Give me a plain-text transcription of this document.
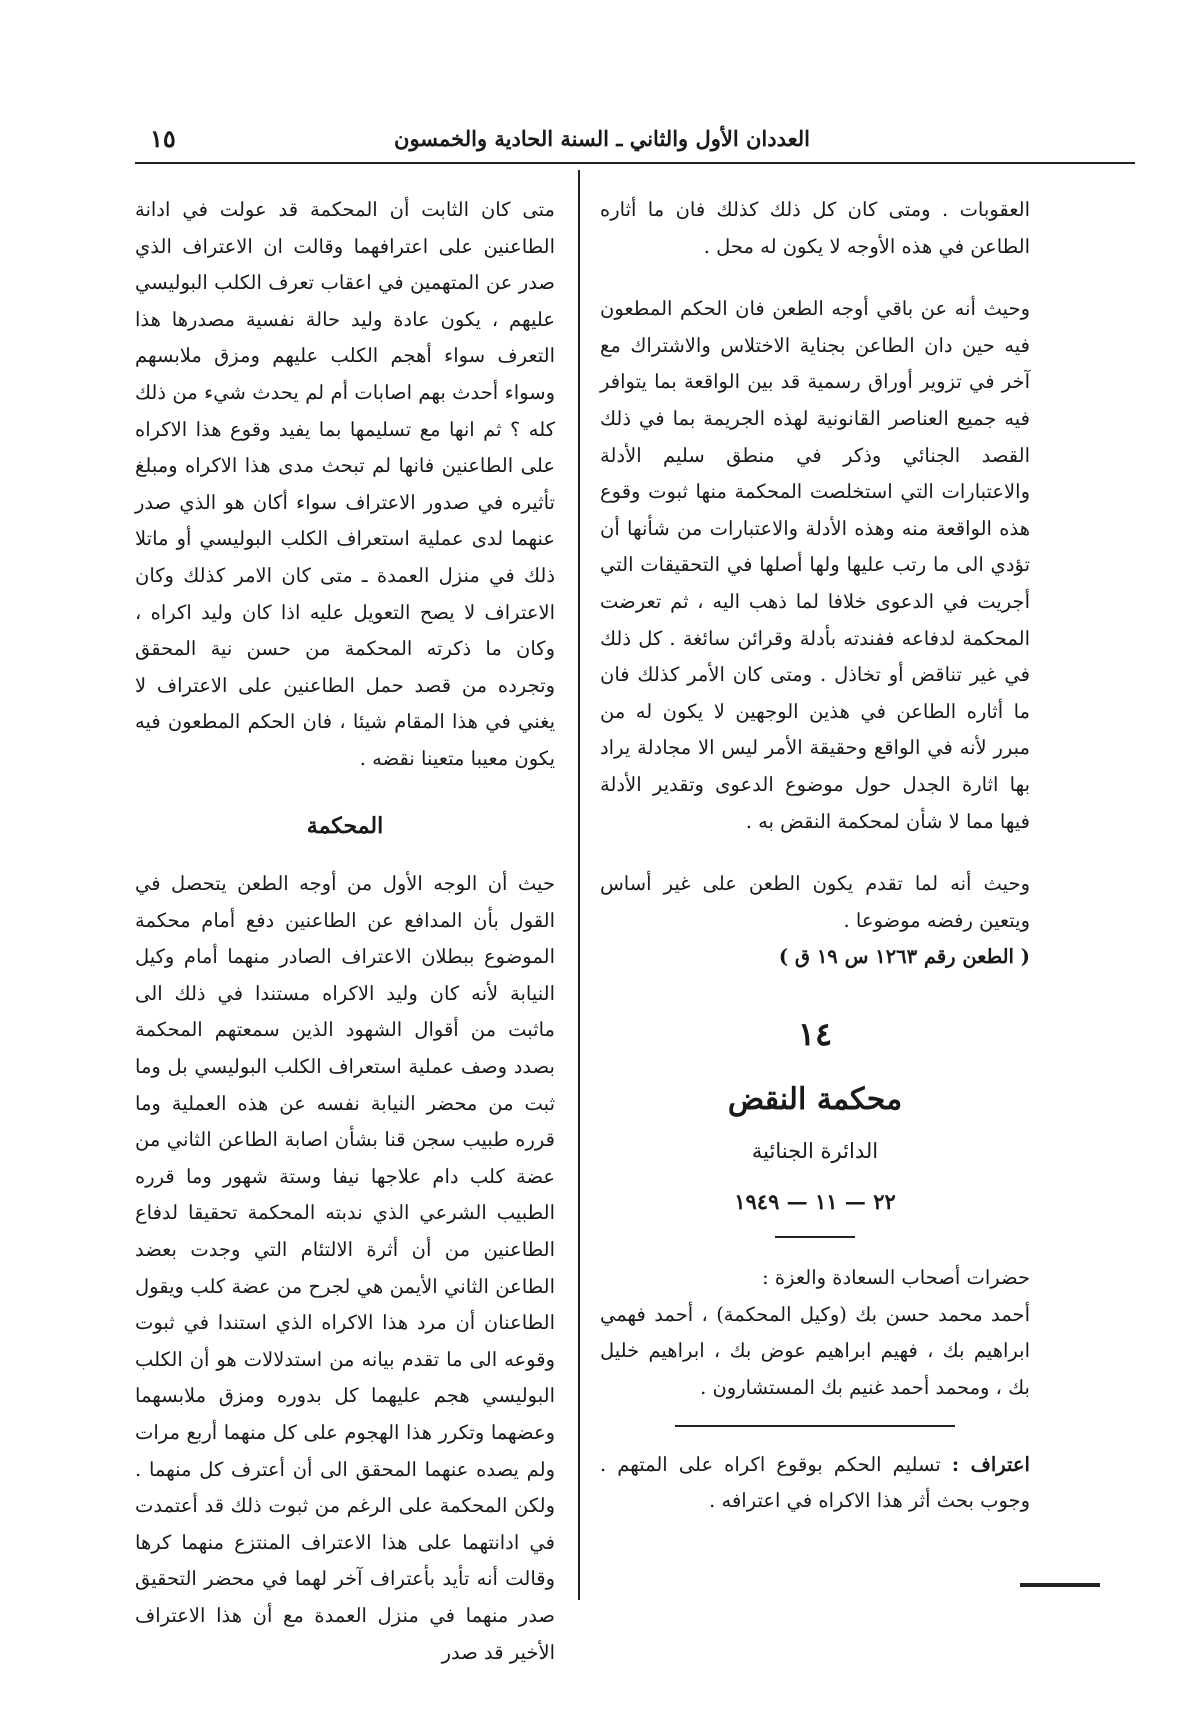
العددان الأول والثاني ـ السنة الحادية والخمسون
١٥

العقوبات . ومتى كان كل ذلك كذلك فان ما أثاره الطاعن في هذه الأوجه لا يكون له محل .

وحيث أنه عن باقي أوجه الطعن فان الحكم المطعون فيه حين دان الطاعن بجناية الاختلاس والاشتراك مع آخر في تزوير أوراق رسمية قد بين الواقعة بما يتوافر فيه جميع العناصر القانونية لهذه الجريمة بما في ذلك القصد الجنائي وذكر في منطق سليم الأدلة والاعتبارات التي استخلصت المحكمة منها ثبوت وقوع هذه الواقعة منه وهذه الأدلة والاعتبارات من شأنها أن تؤدي الى ما رتب عليها ولها أصلها في التحقيقات التي أجريت في الدعوى خلافا لما ذهب اليه ، ثم تعرضت المحكمة لدفاعه ففندته بأدلة وقرائن سائغة . كل ذلك في غير تناقض أو تخاذل . ومتى كان الأمر كذلك فان ما أثاره الطاعن في هذين الوجهين لا يكون له من مبرر لأنه في الواقع وحقيقة الأمر ليس الا مجادلة يراد بها اثارة الجدل حول موضوع الدعوى وتقدير الأدلة فيها مما لا شأن لمحكمة النقض به .

وحيث أنه لما تقدم يكون الطعن على غير أساس ويتعين رفضه موضوعا .

( الطعن رقم ١٢٦٣ س ١٩ ق )

١٤
محكمة النقض
الدائرة الجنائية
٢٢ — ١١ — ١٩٤٩

حضرات أصحاب السعادة والعزة :

أحمد محمد حسن بك (وكيل المحكمة) ، أحمد فهمي ابراهيم بك ، فهيم ابراهيم عوض بك ، ابراهيم خليل بك ، ومحمد أحمد غنيم بك المستشارون .

اعتراف : تسليم الحكم بوقوع اكراه على المتهم . وجوب بحث أثر هذا الاكراه في اعترافه .

متى كان الثابت أن المحكمة قد عولت في ادانة الطاعنين على اعترافهما وقالت ان الاعتراف الذي صدر عن المتهمين في اعقاب تعرف الكلب البوليسي عليهم ، يكون عادة وليد حالة نفسية مصدرها هذا التعرف سواء أهجم الكلب عليهم ومزق ملابسهم وسواء أحدث بهم اصابات أم لم يحدث شيء من ذلك كله ؟ ثم انها مع تسليمها بما يفيد وقوع هذا الاكراه على الطاعنين فانها لم تبحث مدى هذا الاكراه ومبلغ تأثيره في صدور الاعتراف سواء أكان هو الذي صدر عنهما لدى عملية استعراف الكلب البوليسي أو ماتلا ذلك في منزل العمدة ـ متى كان الامر كذلك وكان الاعتراف لا يصح التعويل عليه اذا كان وليد اكراه ، وكان ما ذكرته المحكمة من حسن نية المحقق وتجرده من قصد حمل الطاعنين على الاعتراف لا يغني في هذا المقام شيئا ، فان الحكم المطعون فيه يكون معيبا متعينا نقضه .

المحكمة

حيث أن الوجه الأول من أوجه الطعن يتحصل في القول بأن المدافع عن الطاعنين دفع أمام محكمة الموضوع ببطلان الاعتراف الصادر منهما أمام وكيل النيابة لأنه كان وليد الاكراه مستندا في ذلك الى ماثبت من أقوال الشهود الذين سمعتهم المحكمة بصدد وصف عملية استعراف الكلب البوليسي بل وما ثبت من محضر النيابة نفسه عن هذه العملية وما قرره طبيب سجن قنا بشأن اصابة الطاعن الثاني من عضة كلب دام علاجها نيفا وستة شهور وما قرره الطبيب الشرعي الذي ندبته المحكمة تحقيقا لدفاع الطاعنين من أن أثرة الالتئام التي وجدت بعضد الطاعن الثاني الأيمن هي لجرح من عضة كلب ويقول الطاعنان أن مرد هذا الاكراه الذي استندا في ثبوت وقوعه الى ما تقدم بيانه من استدلالات هو أن الكلب البوليسي هجم عليهما كل بدوره ومزق ملابسهما وعضهما وتكرر هذا الهجوم على كل منهما أربع مرات ولم يصده عنهما المحقق الى أن أعترف كل منهما . ولكن المحكمة على الرغم من ثبوت ذلك قد أعتمدت في ادانتهما على هذا الاعتراف المنتزع منهما كرها وقالت أنه تأيد بأعتراف آخر لهما في محضر التحقيق صدر منهما في منزل العمدة مع أن هذا الاعتراف الأخير قد صدر
